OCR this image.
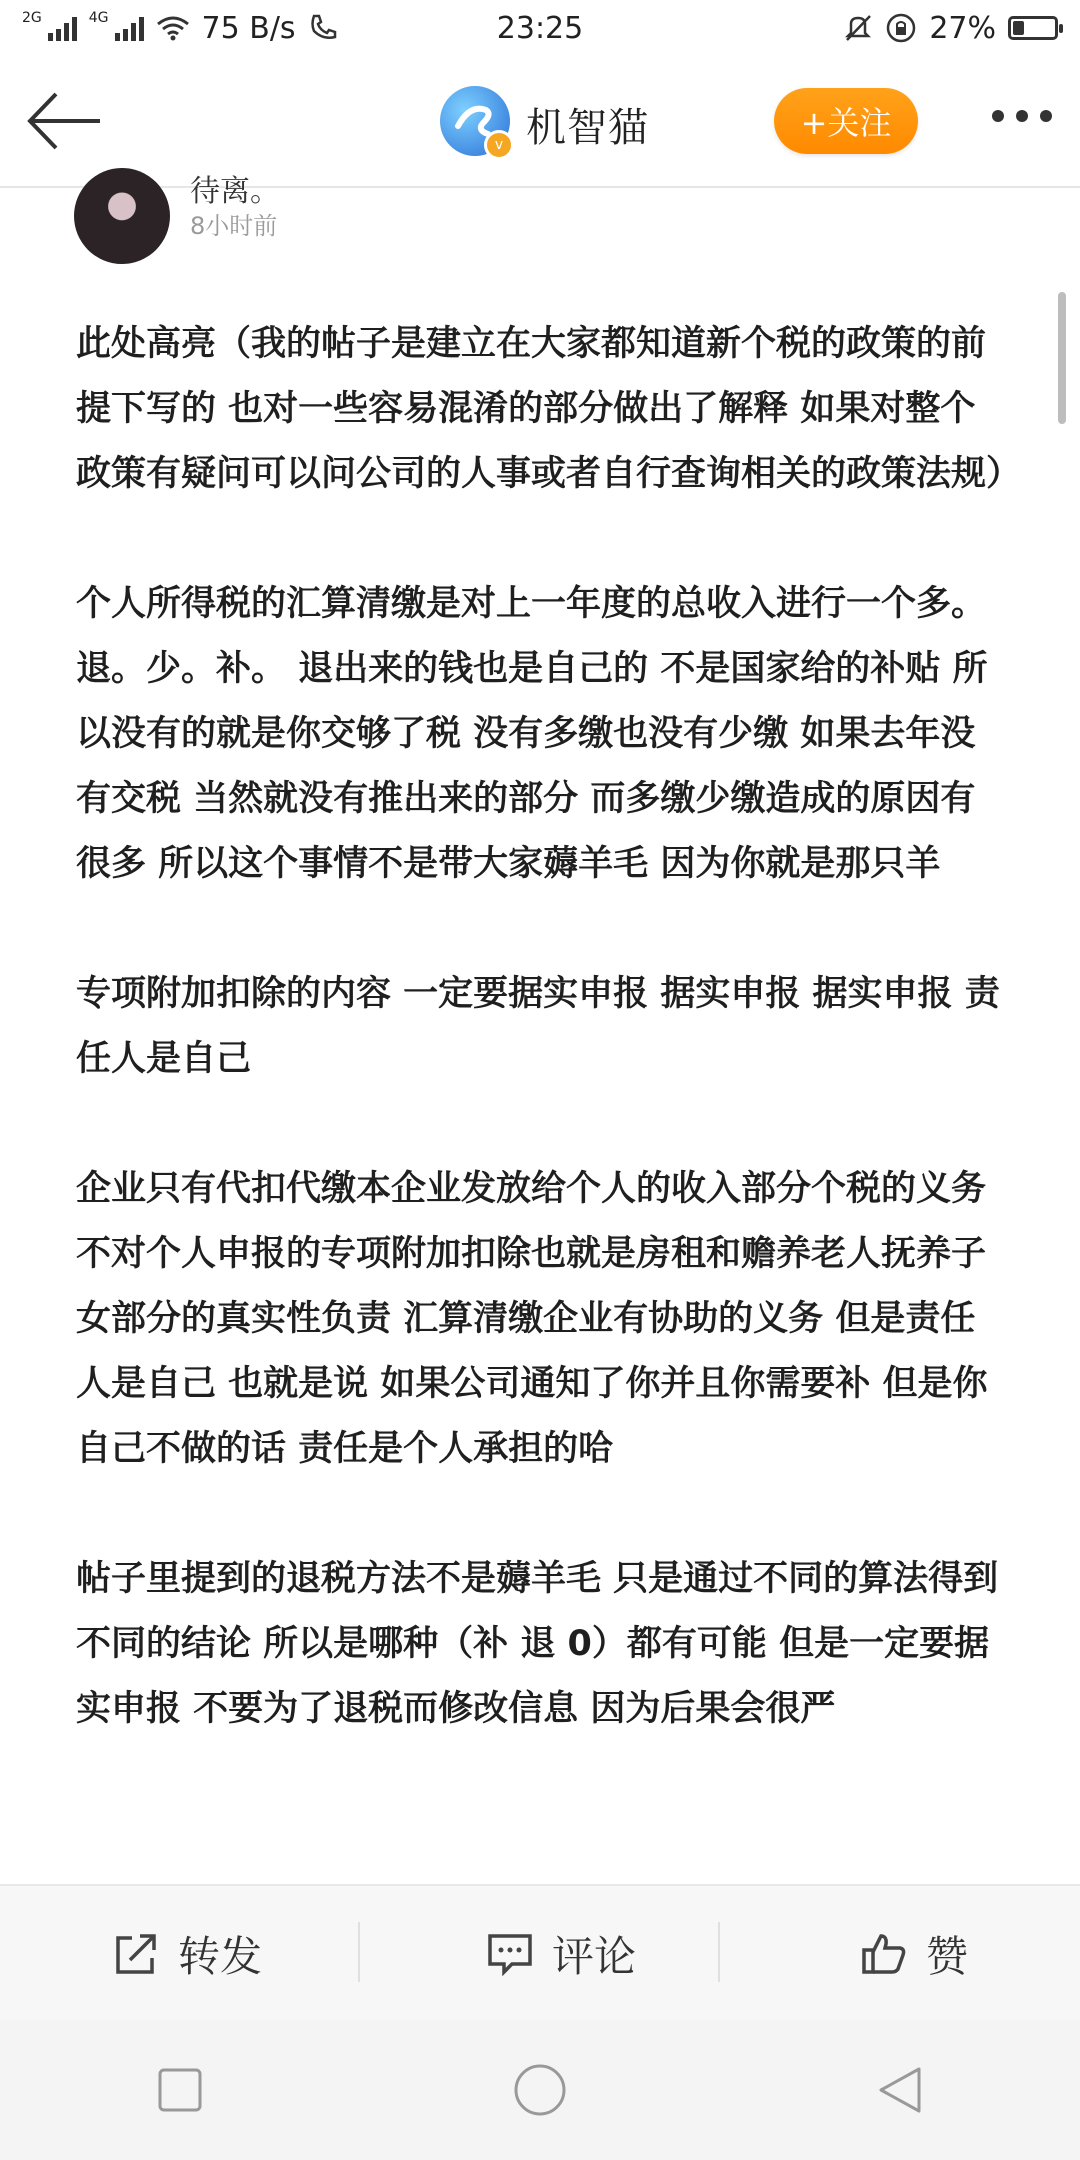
2G	4G	75 B/s	23:25	27%
v 机智猫	+关注
待离。
8小时前

此处高亮（我的帖子是建立在大家都知道新个税的政策的前提下写的 也对一些容易混淆的部分做出了解释 如果对整个政策有疑问可以问公司的人事或者自行查询相关的政策法规）

个人所得税的汇算清缴是对上一年度的总收入进行一个多。退。少。补。 退出来的钱也是自己的 不是国家给的补贴 所以没有的就是你交够了税 没有多缴也没有少缴 如果去年没有交税 当然就没有推出来的部分 而多缴少缴造成的原因有很多 所以这个事情不是带大家薅羊毛 因为你就是那只羊

专项附加扣除的内容 一定要据实申报 据实申报 据实申报 责任人是自己

企业只有代扣代缴本企业发放给个人的收入部分个税的义务 不对个人申报的专项附加扣除也就是房租和赡养老人抚养子女部分的真实性负责 汇算清缴企业有协助的义务 但是责任人是自己 也就是说 如果公司通知了你并且你需要补 但是你自己不做的话 责任是个人承担的哈

帖子里提到的退税方法不是薅羊毛 只是通过不同的算法得到不同的结论 所以是哪种（补 退 0）都有可能 但是一定要据实申报 不要为了退税而修改信息 因为后果会很严

转发	评论	赞
